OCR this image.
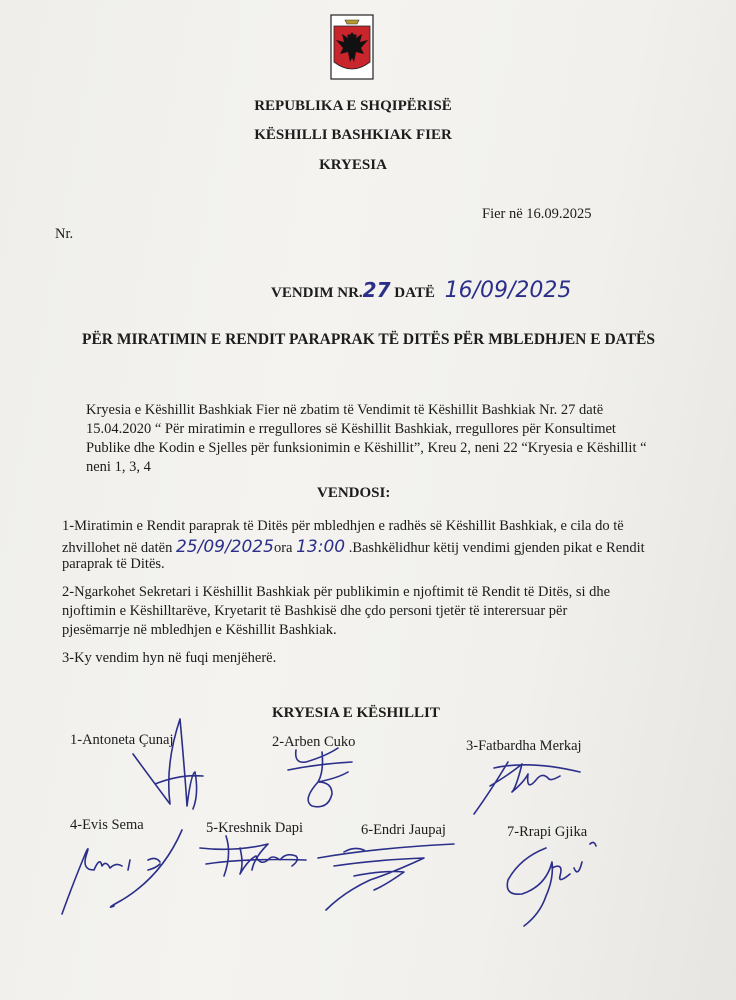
REPUBLIKA E SHQIPËRISË
KËSHILLI BASHKIAK FIER
KRYESIA
Fier në 16.09.2025
Nr.
VENDIM NR.27 DATË 16/09/2025
PËR MIRATIMIN E RENDIT PARAPRAK TË DITËS PËR MBLEDHJEN E DATËS
Kryesia e Këshillit Bashkiak Fier në zbatim të Vendimit të Këshillit Bashkiak Nr. 27 datë
15.04.2020 “ Për miratimin e rregullores së Këshillit Bashkiak, rregullores për Konsultimet
Publike dhe Kodin e Sjelles për funksionimin e Këshillit”, Kreu 2, neni 22 “Kryesia e Këshillit “
neni 1, 3, 4
VENDOSI:
1-Miratimin e Rendit paraprak të Ditës për mbledhjen e radhës së Këshillit Bashkiak, e cila do të
zhvillohet në datën 25/09/2025ora 13:00 .Bashkëlidhur këtij vendimi gjenden pikat e Rendit
paraprak të Ditës.
2-Ngarkohet Sekretari i Këshillit Bashkiak për publikimin e njoftimit të Rendit të Ditës, si dhe
njoftimin e Këshilltarëve, Kryetarit të Bashkisë dhe çdo personi tjetër të interersuar për
pjesëmarrje në mbledhjen e Këshillit Bashkiak.
3-Ky vendim hyn në fuqi menjëherë.
KRYESIA E KËSHILLIT
1-Antoneta Çunaj	2-Arben Cuko	3-Fatbardha Merkaj
4-Evis Sema	5-Kreshnik Dapi	6-Endri Jaupaj	7-Rrapi Gjika
